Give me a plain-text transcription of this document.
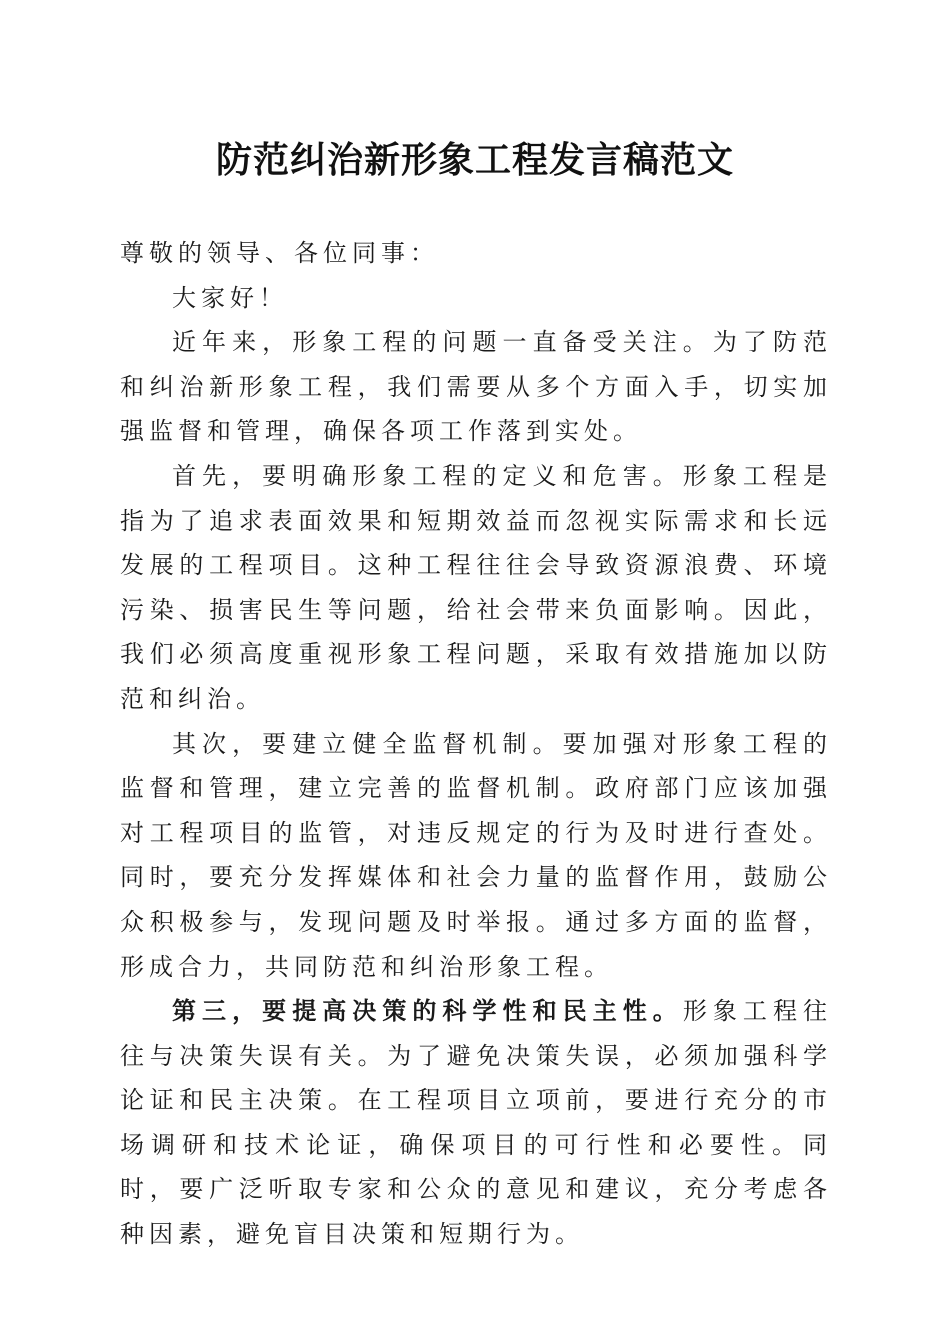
防范纠治新形象工程发言稿范文

尊敬的领导、各位同事：

大家好！

近年来，形象工程的问题一直备受关注。为了防范和纠治新形象工程，我们需要从多个方面入手，切实加强监督和管理，确保各项工作落到实处。

首先，要明确形象工程的定义和危害。形象工程是指为了追求表面效果和短期效益而忽视实际需求和长远发展的工程项目。这种工程往往会导致资源浪费、环境污染、损害民生等问题，给社会带来负面影响。因此，我们必须高度重视形象工程问题，采取有效措施加以防范和纠治。

其次，要建立健全监督机制。要加强对形象工程的监督和管理，建立完善的监督机制。政府部门应该加强对工程项目的监管，对违反规定的行为及时进行查处。同时，要充分发挥媒体和社会力量的监督作用，鼓励公众积极参与，发现问题及时举报。通过多方面的监督，形成合力，共同防范和纠治形象工程。

第三，要提高决策的科学性和民主性。形象工程往往与决策失误有关。为了避免决策失误，必须加强科学论证和民主决策。在工程项目立项前，要进行充分的市场调研和技术论证，确保项目的可行性和必要性。同时，要广泛听取专家和公众的意见和建议，充分考虑各种因素，避免盲目决策和短期行为。
